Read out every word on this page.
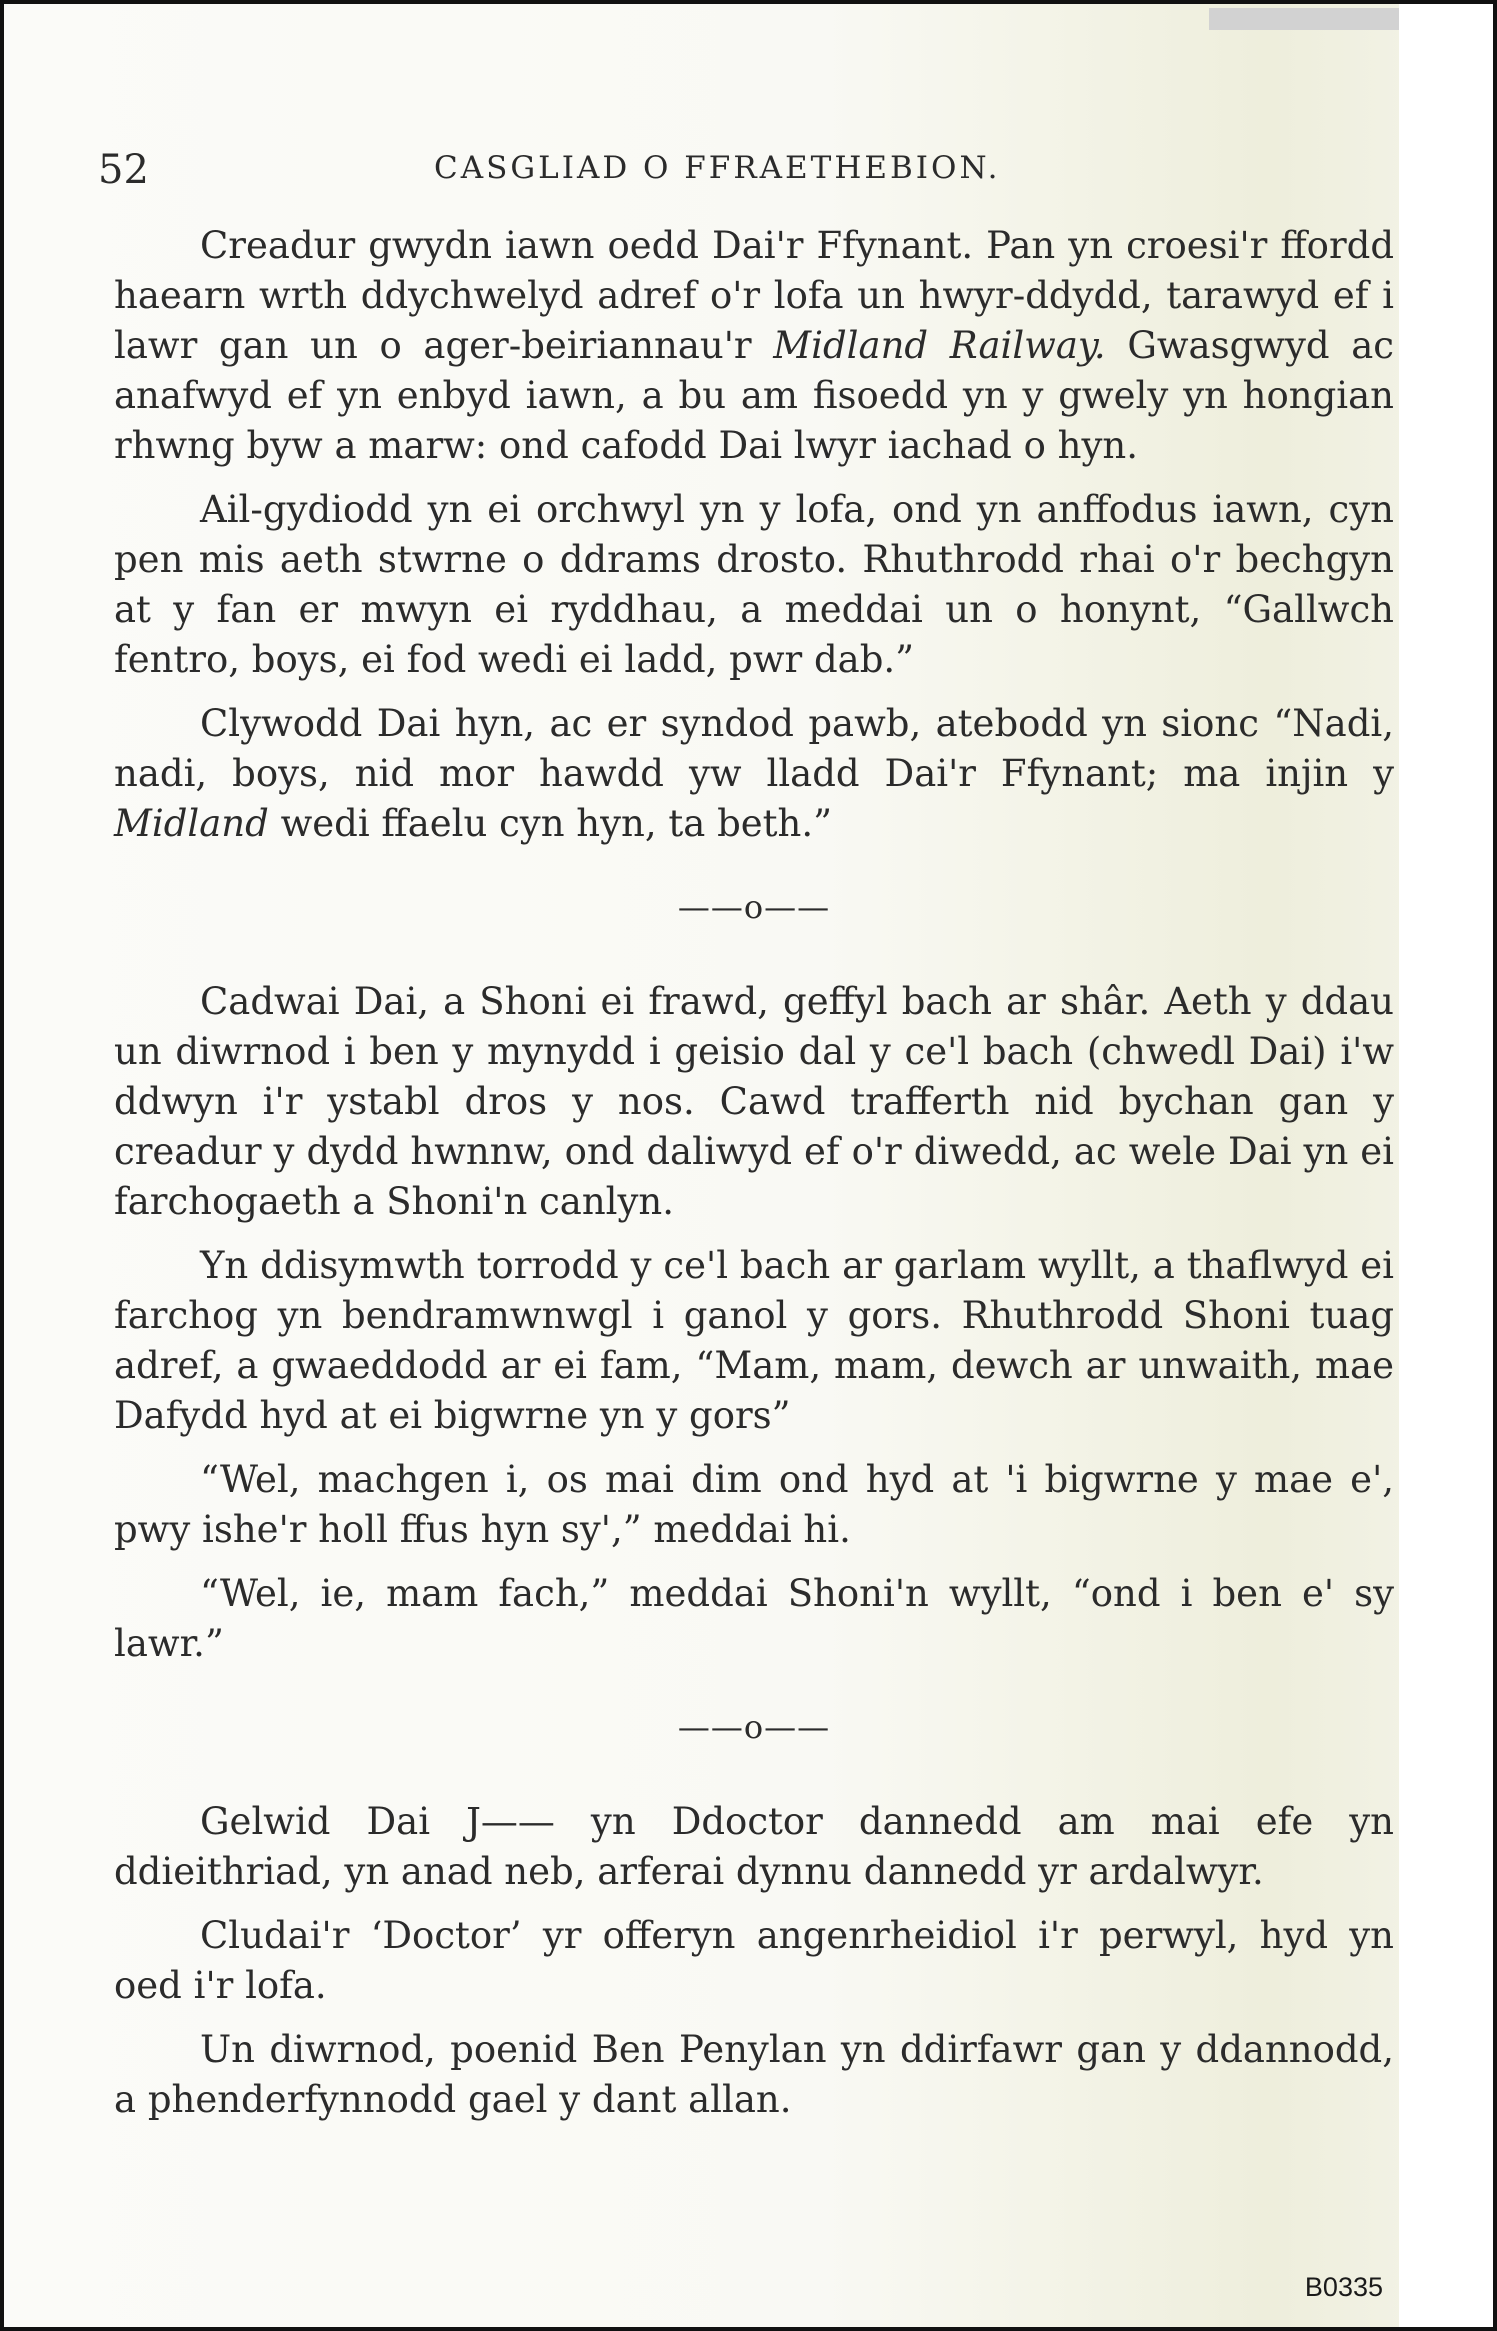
52	CASGLIAD O FFRAETHEBION.

Creadur gwydn iawn oedd Dai'r Ffynant. Pan yn croesi'r ffordd haearn wrth ddychwelyd adref o'r lofa un hwyr-ddydd, tarawyd ef i lawr gan un o ager-beiriannau'r Midland Railway. Gwasgwyd ac anafwyd ef yn enbyd iawn, a bu am fisoedd yn y gwely yn hongian rhwng byw a marw: ond cafodd Dai lwyr iachad o hyn.

Ail-gydiodd yn ei orchwyl yn y lofa, ond yn anffodus iawn, cyn pen mis aeth stwrne o ddrams drosto. Rhuthrodd rhai o'r bechgyn at y fan er mwyn ei ryddhau, a meddai un o honynt, “Gallwch fentro, boys, ei fod wedi ei ladd, pwr dab.”

Clywodd Dai hyn, ac er syndod pawb, atebodd yn sionc “Nadi, nadi, boys, nid mor hawdd yw lladd Dai'r Ffynant; ma injin y Midland wedi ffaelu cyn hyn, ta beth.”

——o——

Cadwai Dai, a Shoni ei frawd, geffyl bach ar shâr. Aeth y ddau un diwrnod i ben y mynydd i geisio dal y ce'l bach (chwedl Dai) i'w ddwyn i'r ystabl dros y nos. Cawd trafferth nid bychan gan y creadur y dydd hwnnw, ond daliwyd ef o'r diwedd, ac wele Dai yn ei farchogaeth a Shoni'n canlyn.

Yn ddisymwth torrodd y ce'l bach ar garlam wyllt, a thaflwyd ei farchog yn bendramwnwgl i ganol y gors. Rhuthrodd Shoni tuag adref, a gwaeddodd ar ei fam, “Mam, mam, dewch ar unwaith, mae Dafydd hyd at ei bigwrne yn y gors”

“Wel, machgen i, os mai dim ond hyd at 'i bigwrne y mae e', pwy ishe'r holl ffus hyn sy',” meddai hi.

“Wel, ie, mam fach,” meddai Shoni'n wyllt, “ond i ben e' sy lawr.”

——o——

Gelwid Dai J—— yn Ddoctor dannedd am mai efe yn ddieithriad, yn anad neb, arferai dynnu dannedd yr ardalwyr.

Cludai'r ‘Doctor’ yr offeryn angenrheidiol i'r perwyl, hyd yn oed i'r lofa.

Un diwrnod, poenid Ben Penylan yn ddirfawr gan y ddannodd, a phenderfynnodd gael y dant allan.

B0335
